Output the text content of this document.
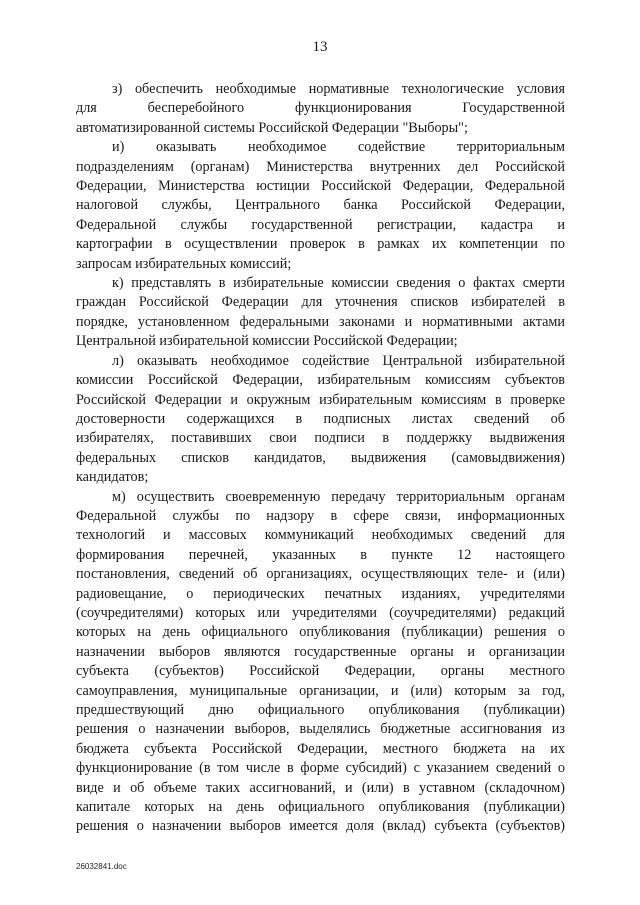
13

з) обеспечить необходимые нормативные технологические условия
для бесперебойного функционирования Государственной
автоматизированной системы Российской Федерации "Выборы";

и) оказывать необходимое содействие территориальным
подразделениям (органам) Министерства внутренних дел Российской
Федерации, Министерства юстиции Российской Федерации, Федеральной
налоговой службы, Центрального банка Российской Федерации,
Федеральной службы государственной регистрации, кадастра и
картографии в осуществлении проверок в рамках их компетенции по
запросам избирательных комиссий;

к) представлять в избирательные комиссии сведения о фактах смерти
граждан Российской Федерации для уточнения списков избирателей в
порядке, установленном федеральными законами и нормативными актами
Центральной избирательной комиссии Российской Федерации;

л) оказывать необходимое содействие Центральной избирательной
комиссии Российской Федерации, избирательным комиссиям субъектов
Российской Федерации и окружным избирательным комиссиям в проверке
достоверности содержащихся в подписных листах сведений об
избирателях, поставивших свои подписи в поддержку выдвижения
федеральных списков кандидатов, выдвижения (самовыдвижения)
кандидатов;

м) осуществить своевременную передачу территориальным органам
Федеральной службы по надзору в сфере связи, информационных
технологий и массовых коммуникаций необходимых сведений для
формирования перечней, указанных в пункте 12 настоящего
постановления, сведений об организациях, осуществляющих теле- и (или)
радиовещание, о периодических печатных изданиях, учредителями
(соучредителями) которых или учредителями (соучредителями) редакций
которых на день официального опубликования (публикации) решения о
назначении выборов являются государственные органы и организации
субъекта (субъектов) Российской Федерации, органы местного
самоуправления, муниципальные организации, и (или) которым за год,
предшествующий дню официального опубликования (публикации)
решения о назначении выборов, выделялись бюджетные ассигнования из
бюджета субъекта Российской Федерации, местного бюджета на их
функционирование (в том числе в форме субсидий) с указанием сведений о
виде и об объеме таких ассигнований, и (или) в уставном (складочном)
капитале которых на день официального опубликования (публикации)
решения о назначении выборов имеется доля (вклад) субъекта (субъектов)

26032841.doc
